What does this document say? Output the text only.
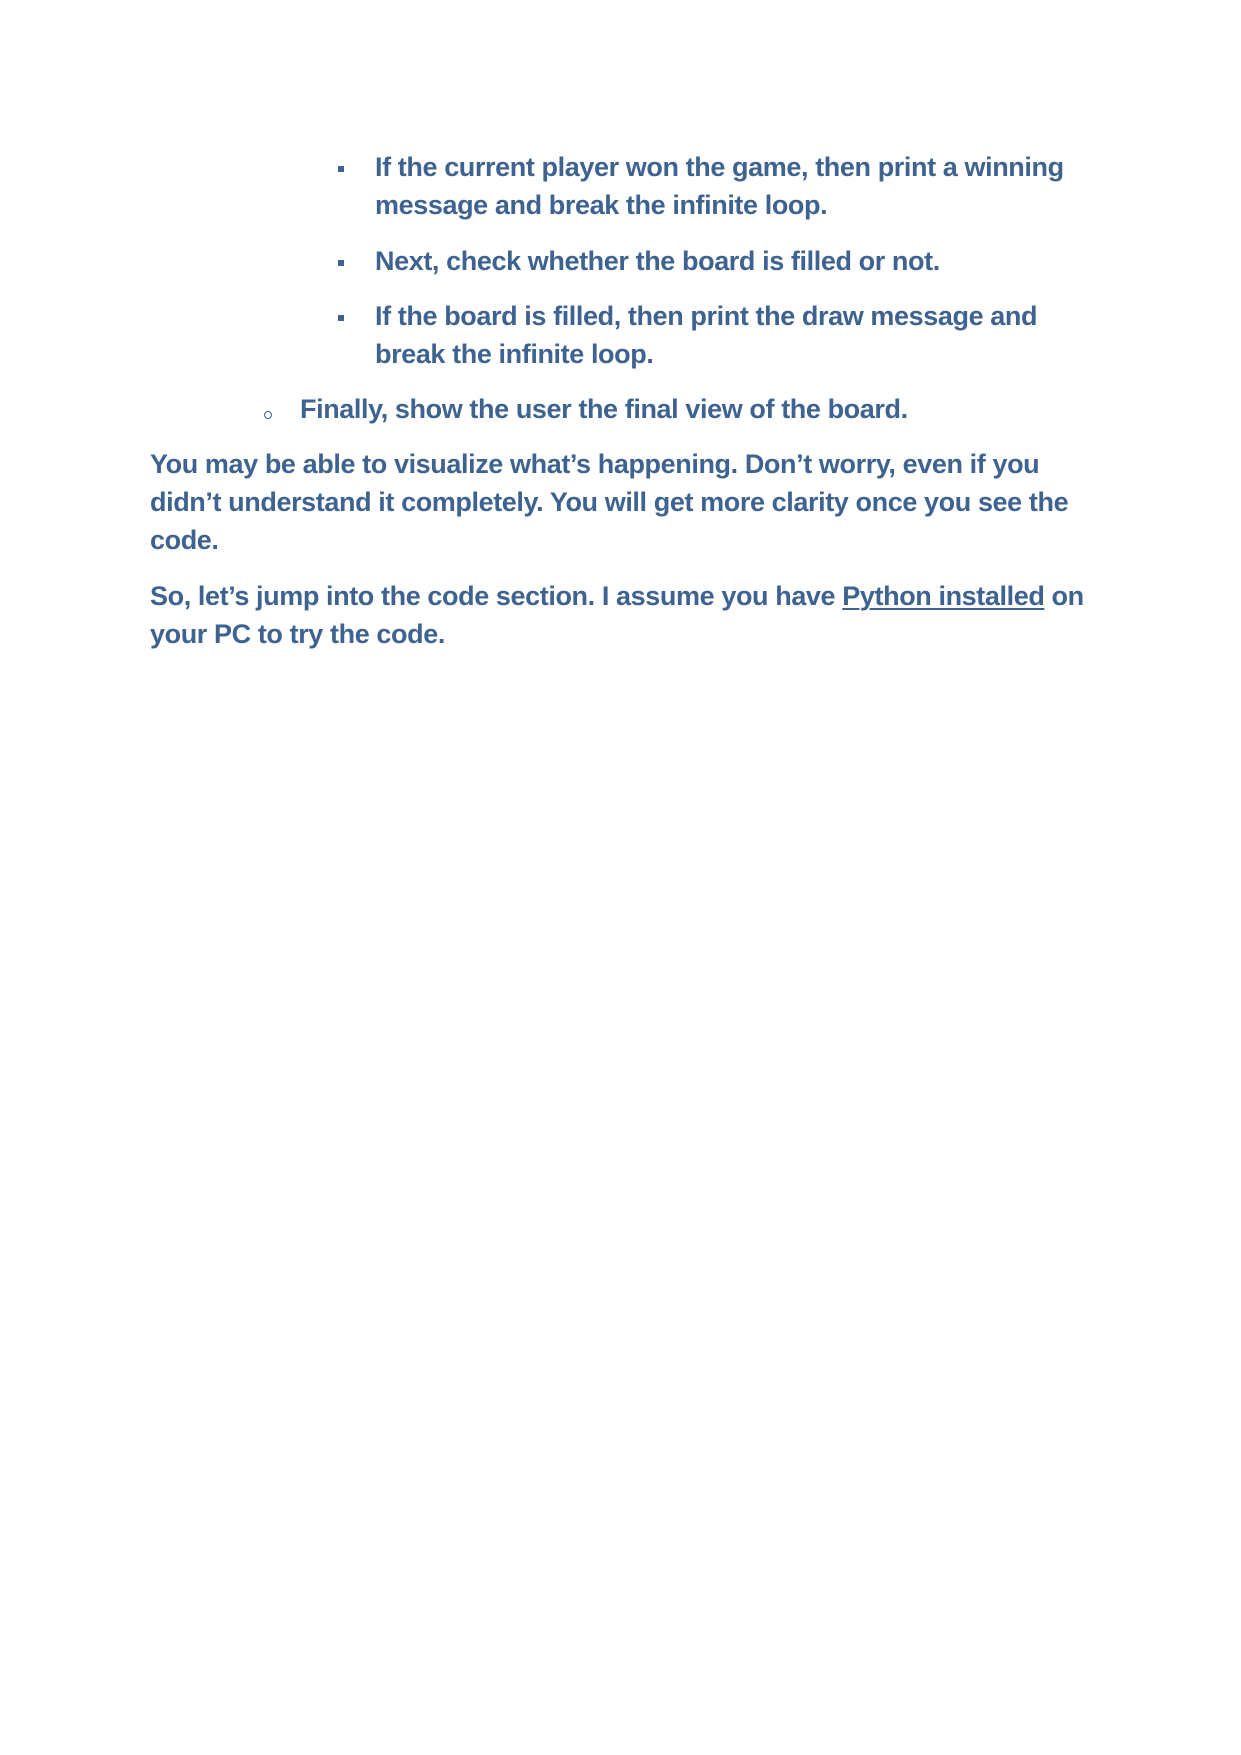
If the current player won the game, then print a winning message and break the infinite loop.
Next, check whether the board is filled or not.
If the board is filled, then print the draw message and break the infinite loop.
Finally, show the user the final view of the board.
You may be able to visualize what’s happening. Don’t worry, even if you didn’t understand it completely. You will get more clarity once you see the code.
So, let’s jump into the code section. I assume you have Python installed on your PC to try the code.
